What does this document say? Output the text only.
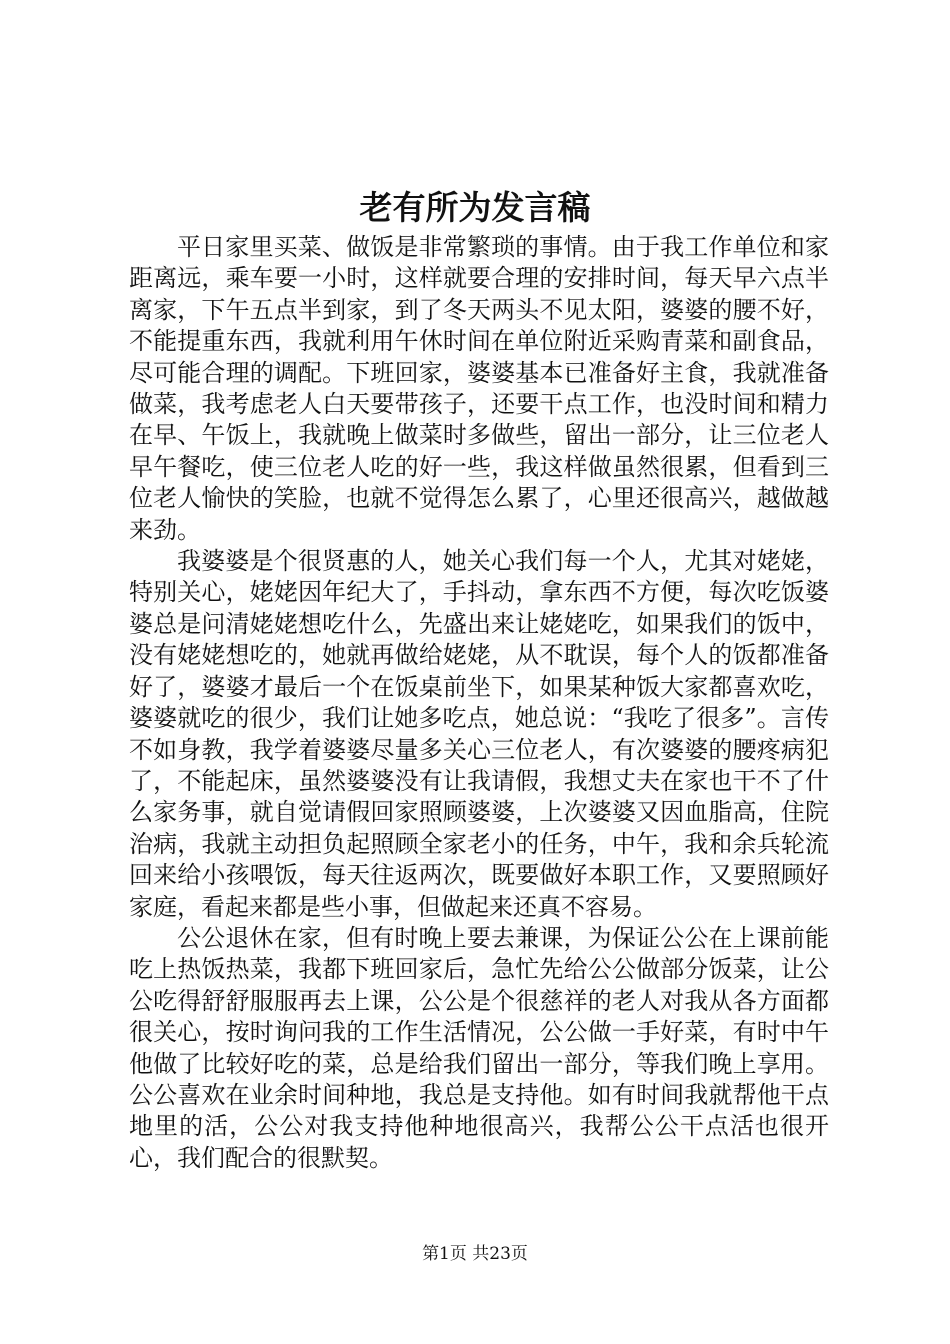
老有所为发言稿

平日家里买菜、做饭是非常繁琐的事情。由于我工作单位和家距离远，乘车要一小时，这样就要合理的安排时间，每天早六点半离家，下午五点半到家，到了冬天两头不见太阳，婆婆的腰不好，不能提重东西，我就利用午休时间在单位附近采购青菜和副食品，尽可能合理的调配。下班回家，婆婆基本已准备好主食，我就准备做菜，我考虑老人白天要带孩子，还要干点工作，也没时间和精力在早、午饭上，我就晚上做菜时多做些，留出一部分，让三位老人早午餐吃，使三位老人吃的好一些，我这样做虽然很累，但看到三位老人愉快的笑脸，也就不觉得怎么累了，心里还很高兴，越做越来劲。

我婆婆是个很贤惠的人，她关心我们每一个人，尤其对姥姥，特别关心，姥姥因年纪大了，手抖动，拿东西不方便，每次吃饭婆婆总是问清姥姥想吃什么，先盛出来让姥姥吃，如果我们的饭中，没有姥姥想吃的，她就再做给姥姥，从不耽误，每个人的饭都准备好了，婆婆才最后一个在饭桌前坐下，如果某种饭大家都喜欢吃，婆婆就吃的很少，我们让她多吃点，她总说：“我吃了很多”。言传不如身教，我学着婆婆尽量多关心三位老人，有次婆婆的腰疼病犯了，不能起床，虽然婆婆没有让我请假，我想丈夫在家也干不了什么家务事，就自觉请假回家照顾婆婆，上次婆婆又因血脂高，住院治病，我就主动担负起照顾全家老小的任务，中午，我和余兵轮流回来给小孩喂饭，每天往返两次，既要做好本职工作，又要照顾好家庭，看起来都是些小事，但做起来还真不容易。

公公退休在家，但有时晚上要去兼课，为保证公公在上课前能吃上热饭热菜，我都下班回家后，急忙先给公公做部分饭菜，让公公吃得舒舒服服再去上课，公公是个很慈祥的老人对我从各方面都很关心，按时询问我的工作生活情况，公公做一手好菜，有时中午他做了比较好吃的菜，总是给我们留出一部分，等我们晚上享用。公公喜欢在业余时间种地，我总是支持他。如有时间我就帮他干点地里的活，公公对我支持他种地很高兴，我帮公公干点活也很开心，我们配合的很默契。

第1页 共23页
